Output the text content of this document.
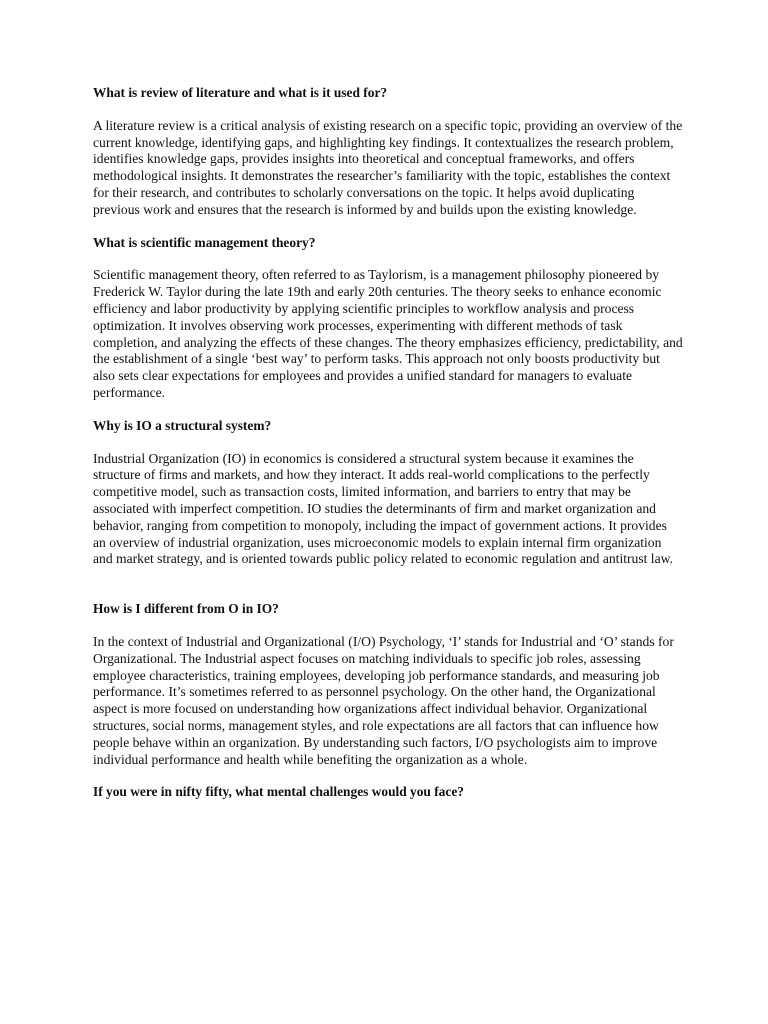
What is review of literature and what is it used for?

A literature review is a critical analysis of existing research on a specific topic, providing an overview of the current knowledge, identifying gaps, and highlighting key findings. It contextualizes the research problem, identifies knowledge gaps, provides insights into theoretical and conceptual frameworks, and offers methodological insights. It demonstrates the researcher’s familiarity with the topic, establishes the context for their research, and contributes to scholarly conversations on the topic. It helps avoid duplicating previous work and ensures that the research is informed by and builds upon the existing knowledge.

What is scientific management theory?

Scientific management theory, often referred to as Taylorism, is a management philosophy pioneered by Frederick W. Taylor during the late 19th and early 20th centuries. The theory seeks to enhance economic efficiency and labor productivity by applying scientific principles to workflow analysis and process optimization. It involves observing work processes, experimenting with different methods of task completion, and analyzing the effects of these changes. The theory emphasizes efficiency, predictability, and the establishment of a single ‘best way’ to perform tasks. This approach not only boosts productivity but also sets clear expectations for employees and provides a unified standard for managers to evaluate performance.

Why is IO a structural system?

Industrial Organization (IO) in economics is considered a structural system because it examines the structure of firms and markets, and how they interact. It adds real-world complications to the perfectly competitive model, such as transaction costs, limited information, and barriers to entry that may be associated with imperfect competition. IO studies the determinants of firm and market organization and behavior, ranging from competition to monopoly, including the impact of government actions. It provides an overview of industrial organization, uses microeconomic models to explain internal firm organization and market strategy, and is oriented towards public policy related to economic regulation and antitrust law.

How is I different from O in IO?

In the context of Industrial and Organizational (I/O) Psychology, ‘I’ stands for Industrial and ‘O’ stands for Organizational. The Industrial aspect focuses on matching individuals to specific job roles, assessing employee characteristics, training employees, developing job performance standards, and measuring job performance. It’s sometimes referred to as personnel psychology. On the other hand, the Organizational aspect is more focused on understanding how organizations affect individual behavior. Organizational structures, social norms, management styles, and role expectations are all factors that can influence how people behave within an organization. By understanding such factors, I/O psychologists aim to improve individual performance and health while benefiting the organization as a whole.

If you were in nifty fifty, what mental challenges would you face?
